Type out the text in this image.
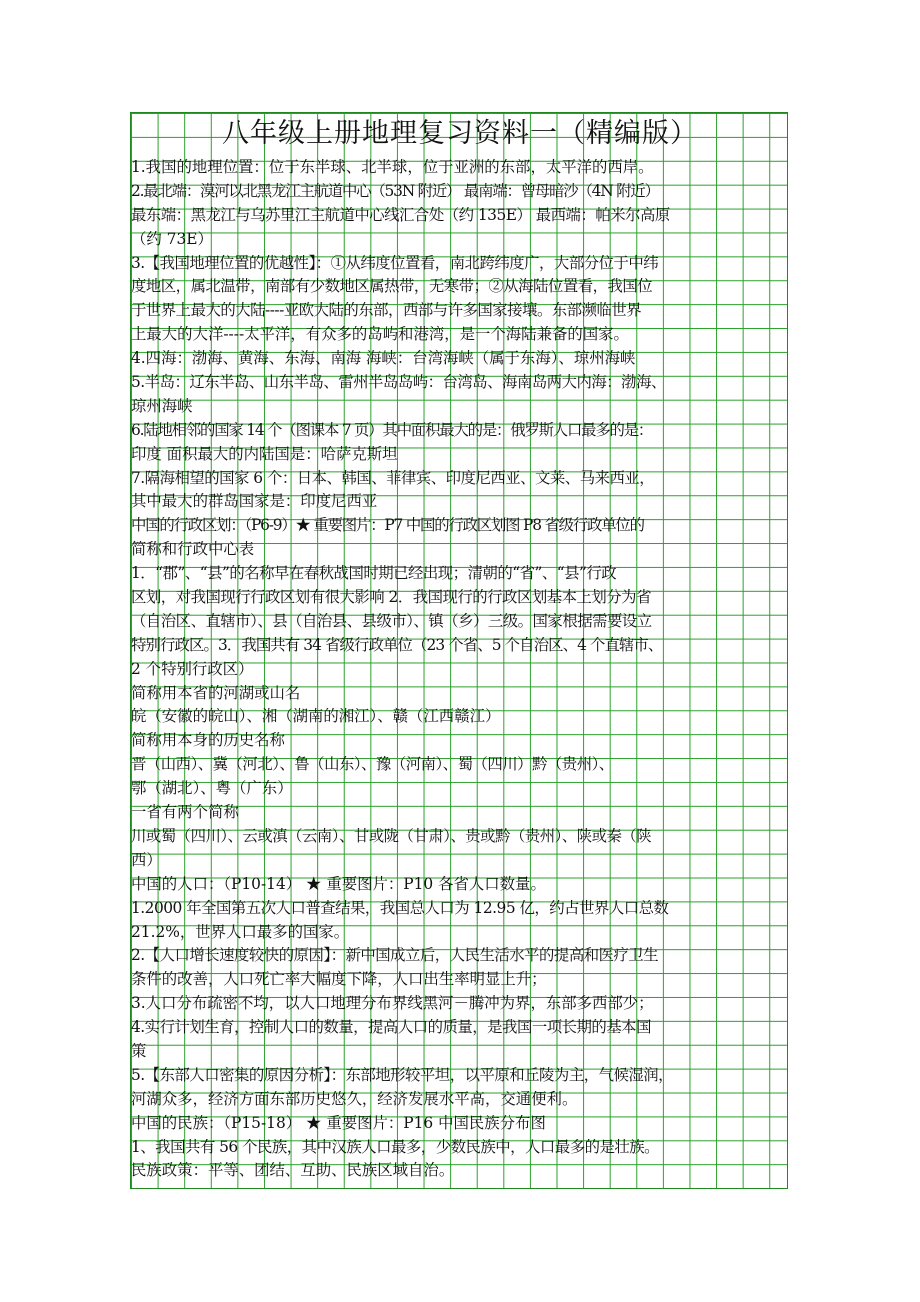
八年级上册地理复习资料一（精编版）
1.我国的地理位置：位于东半球、北半球，位于亚洲的东部，太平洋的西岸。
2.最北端：漠河以北黑龙江主航道中心（53N 附近） 最南端：曾母暗沙（4N 附近）
最东端：黑龙江与乌苏里江主航道中心线汇合处（约 135E） 最西端：帕米尔高原
（约 73E）
3.【我国地理位置的优越性】：①从纬度位置看，南北跨纬度广，大部分位于中纬
度地区，属北温带，南部有少数地区属热带，无寒带；②从海陆位置看，我国位
于世界上最大的大陆----亚欧大陆的东部，西部与许多国家接壤。东部濒临世界
上最大的大洋----太平洋，有众多的岛屿和港湾，是一个海陆兼备的国家。
4.四海：渤海、黄海、东海、南海 海峡：台湾海峡（属于东海）、琼州海峡
5.半岛：辽东半岛、山东半岛、雷州半岛岛屿：台湾岛、海南岛两大内海：渤海、
琼州海峡
6.陆地相邻的国家 14 个（图课本 7 页）其中面积最大的是：俄罗斯人口最多的是：
印度 面积最大的内陆国是：哈萨克斯坦
7.隔海相望的国家 6 个：日本、韩国、菲律宾、印度尼西亚、文莱、马来西亚，
其中最大的群岛国家是：印度尼西亚
中国的行政区划：（P6-9）★ 重要图片：P7 中国的行政区划图 P8 省级行政单位的
简称和行政中心表
1．“郡”、“县”的名称早在春秋战国时期已经出现；清朝的“省”、“县”行政
区划，对我国现行行政区划有很大影响 2．我国现行的行政区划基本上划分为省
（自治区、直辖市）、县（自治县、县级市）、镇（乡）三级。国家根据需要设立
特别行政区。3．我国共有 34 省级行政单位（23 个省、5 个自治区、4 个直辖市、
2 个特别行政区）
简称用本省的河湖或山名
皖（安徽的皖山）、湘（湖南的湘江）、赣（江西赣江）
简称用本身的历史名称
晋（山西）、冀（河北）、鲁（山东）、豫（河南）、蜀（四川）黔（贵州）、
鄂（湖北）、粤（广东）
一省有两个简称
川或蜀（四川）、云或滇（云南）、甘或陇（甘肃）、贵或黔（贵州）、陕或秦（陕
西）
中国的人口：（P10-14） ★ 重要图片：P10 各省人口数量。
1.2000 年全国第五次人口普查结果，我国总人口为 12.95 亿，约占世界人口总数
21.2%，世界人口最多的国家。
2.【人口增长速度较快的原因】：新中国成立后，人民生活水平的提高和医疗卫生
条件的改善，人口死亡率大幅度下降，人口出生率明显上升；
3.人口分布疏密不均，以人口地理分布界线黑河－腾冲为界，东部多西部少；
4.实行计划生育，控制人口的数量，提高人口的质量，是我国一项长期的基本国
策
5.【东部人口密集的原因分析】：东部地形较平坦，以平原和丘陵为主，气候湿润，
河湖众多，经济方面东部历史悠久，经济发展水平高，交通便利。
中国的民族：（P15-18） ★ 重要图片：P16 中国民族分布图
1、我国共有 56 个民族，其中汉族人口最多，少数民族中，人口最多的是壮族。
民族政策：平等、团结、互助、民族区域自治。
